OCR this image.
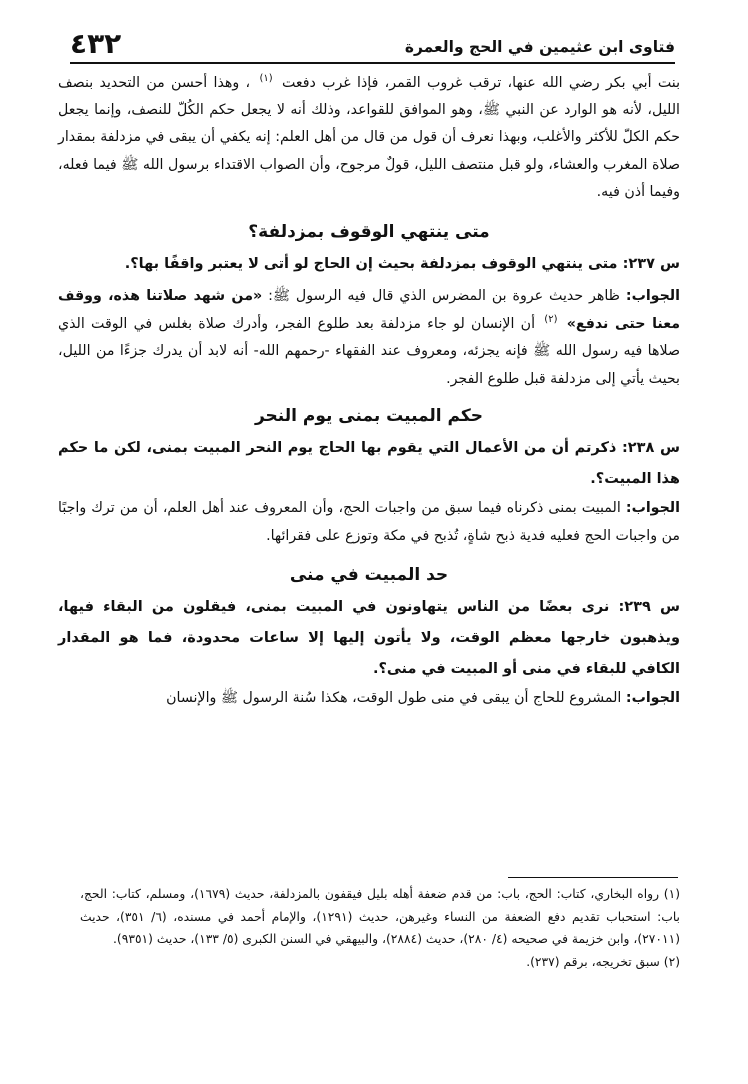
فتاوى ابن عثيمين في الحج والعمرة
٤٣٢

بنت أبي بكر رضي الله عنها، ترقب غروب القمر، فإذا غرب دفعت $^{(١)}$ ، وهذا أحسن من التحديد بنصف الليل، لأنه هو الوارد عن النبي ﷺ، وهو الموافق للقواعد، وذلك أنه لا يجعل حكم الكُلّ للنصف، وإنما يجعل حكم الكلّ للأكثر والأغلب، وبهذا نعرف أن قول من قال من أهل العلم: إنه يكفي أن يبقى في مزدلفة بمقدار صلاة المغرب والعشاء، ولو قبل منتصف الليل، قولٌ مرجوح، وأن الصواب الاقتداء برسول الله ﷺ فيما فعله، وفيما أذن فيه.

متى ينتهي الوقوف بمزدلفة؟

س ٢٣٧: متى ينتهي الوقوف بمزدلفة بحيث إن الحاج لو أتى لا يعتبر واقفًا بها؟.

الجواب: ظاهر حديث عروة بن المضرس الذي قال فيه الرسول ﷺ: «من شهد صلاتنا هذه، ووقف معنا حتى ندفع» $^{(٢)}$ أن الإنسان لو جاء مزدلفة بعد طلوع الفجر، وأدرك صلاة بغلس في الوقت الذي صلاها فيه رسول الله ﷺ فإنه يجزئه، ومعروف عند الفقهاء -رحمهم الله- أنه لابد أن يدرك جزءًا من الليل، بحيث يأتي إلى مزدلفة قبل طلوع الفجر.

حكم المبيت بمنى يوم النحر

س ٢٣٨: ذكرتم أن من الأعمال التي يقوم بها الحاج يوم النحر المبيت بمنى، لكن ما حكم هذا المبيت؟.

الجواب: المبيت بمنى ذكرناه فيما سبق من واجبات الحج، وأن المعروف عند أهل العلم، أن من ترك واجبًا من واجبات الحج فعليه فدية ذبح شاةٍ، تُذبح في مكة وتوزع على فقرائها.

حد المبيت في منى

س ٢٣٩: نرى بعضًا من الناس يتهاونون في المبيت بمنى، فيقلون من البقاء فيها، ويذهبون خارجها معظم الوقت، ولا يأتون إليها إلا ساعات محدودة، فما هو المقدار الكافي للبقاء في منى أو المبيت في منى؟.

الجواب: المشروع للحاج أن يبقى في منى طول الوقت، هكذا سُنة الرسول ﷺ والإنسان

(١) رواه البخاري، كتاب: الحج، باب: من قدم ضعفة أهله بليل فيقفون بالمزدلفة، حديث (١٦٧٩)، ومسلم، كتاب: الحج، باب: استحباب تقديم دفع الضعفة من النساء وغيرهن، حديث (١٢٩١)، والإمام أحمد في مسنده، (٦/ ٣٥١)، حديث (٢٧٠١١)، وابن خزيمة في صحيحه (٤/ ٢٨٠)، حديث (٢٨٨٤)، والبيهقي في السنن الكبرى (٥/ ١٣٣)، حديث (٩٣٥١).

(٢) سبق تخريجه، برقم (٢٣٧).
